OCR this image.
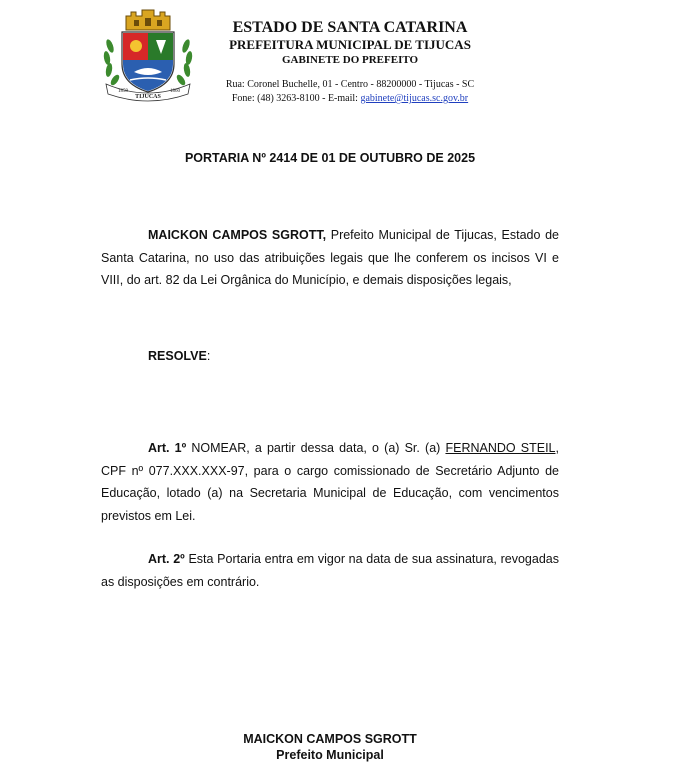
1859
TIJUCAS
1860
ESTADO DE SANTA CATARINA
PREFEITURA MUNICIPAL DE TIJUCAS
GABINETE DO PREFEITO
Rua: Coronel Buchelle, 01 - Centro - 88200000 - Tijucas - SC
Fone: (48) 3263-8100 - E-mail: gabinete@tijucas.sc.gov.br
PORTARIA Nº 2414 DE 01 DE OUTUBRO DE 2025
MAICKON CAMPOS SGROTT, Prefeito Municipal de Tijucas, Estado de Santa Catarina, no uso das atribuições legais que lhe conferem os incisos VI e VIII, do art. 82 da Lei Orgânica do Município, e demais disposições legais,
RESOLVE:
Art. 1º NOMEAR, a partir dessa data, o (a) Sr. (a) FERNANDO STEIL, CPF nº 077.XXX.XXX-97, para o cargo comissionado de Secretário Adjunto de Educação, lotado (a) na Secretaria Municipal de Educação, com vencimentos previstos em Lei.
Art. 2º Esta Portaria entra em vigor na data de sua assinatura, revogadas as disposições em contrário.
MAICKON CAMPOS SGROTT
Prefeito Municipal
